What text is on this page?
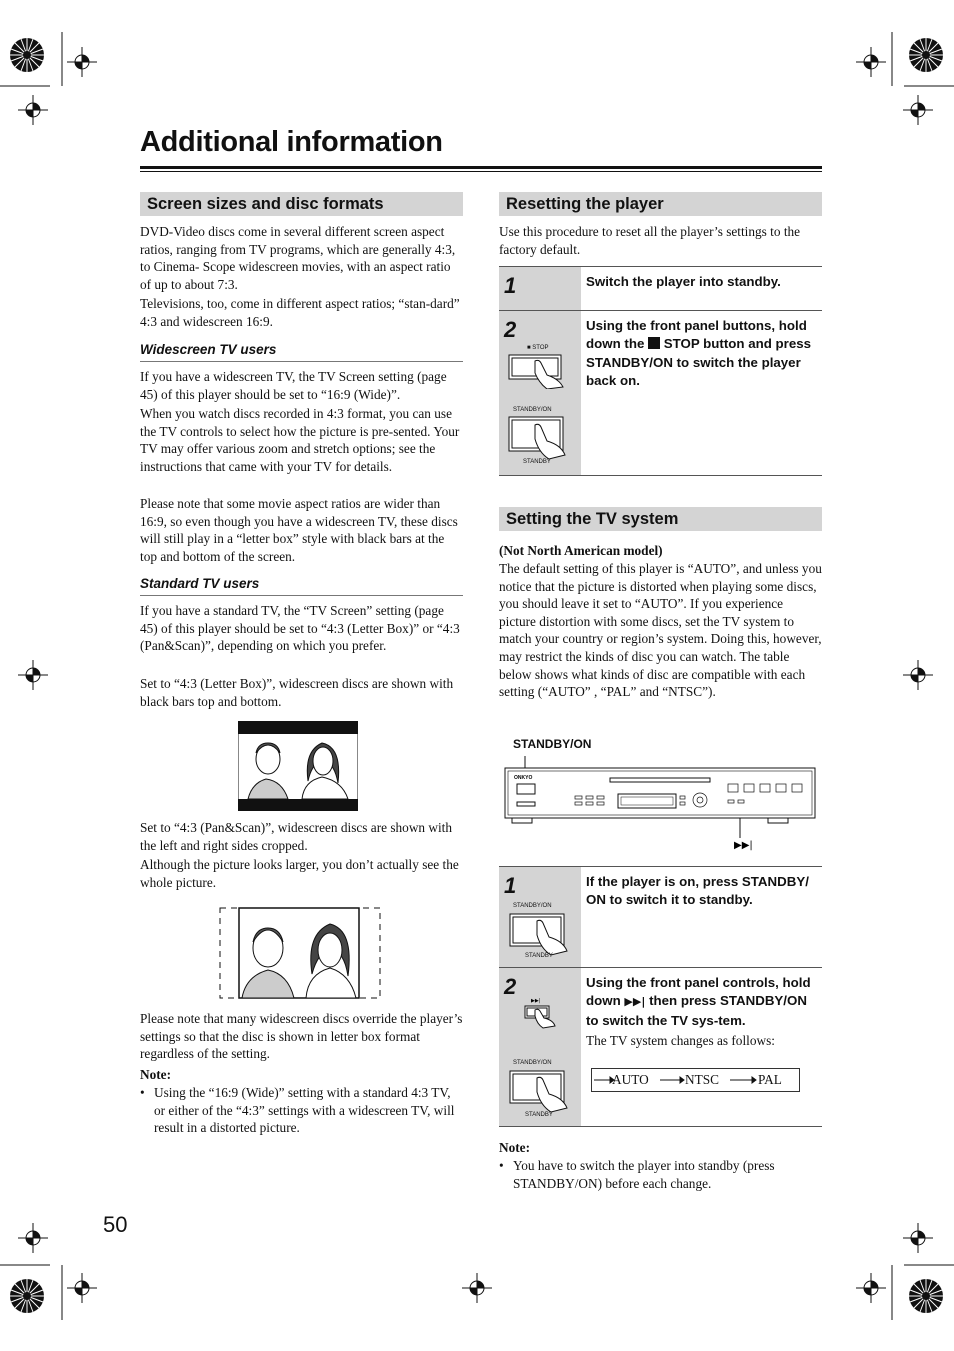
Additional information
Screen sizes and disc formats

DVD-Video discs come in several different screen aspect ratios, ranging from TV programs, which are generally 4:3, to Cinema- Scope widescreen movies, with an aspect ratio of up to about 7:3.

Televisions, too, come in different aspect ratios; “stan-dard” 4:3 and widescreen 16:9.

Widescreen TV users

If you have a widescreen TV, the TV Screen setting (page 45) of this player should be set to “16:9 (Wide)”.

When you watch discs recorded in 4:3 format, you can use the TV controls to select how the picture is pre-sented. Your TV may offer various zoom and stretch options; see the instructions that came with your TV for details.

Please note that some movie aspect ratios are wider than 16:9, so even though you have a widescreen TV, these discs will still play in a “letter box” style with black bars at the top and bottom of the screen.

Standard TV users

If you have a standard TV, the “TV Screen” setting (page 45) of this player should be set to “4:3 (Letter Box)” or “4:3 (Pan&Scan)”, depending on which you prefer.

Set to “4:3 (Letter Box)”, widescreen discs are shown with black bars top and bottom.

Set to “4:3 (Pan&Scan)”, widescreen discs are shown with the left and right sides cropped.

Although the picture looks larger, you don’t actually see the whole picture.

Please note that many widescreen discs override the player’s settings so that the disc is shown in letter box format regardless of the setting.

Note:
• Using the “16:9 (Wide)” setting with a standard 4:3 TV, or either of the “4:3” settings with a widescreen TV, will result in a distorted picture.

50
Resetting the player

Use this procedure to reset all the player’s settings to the factory default.

1	Switch the player into standby.
2
■ STOP
STANDBY/ON
STANDBY
Using the front panel buttons, hold down the STOP button and press STANDBY/ON to switch the player back on.
Setting the TV system
(Not North American model)

The default setting of this player is “AUTO”, and unless you notice that the picture is distorted when playing some discs, you should leave it set to “AUTO”. If you experience picture distortion with some discs, set the TV system to match your country or region’s system. Doing this, however, may restrict the kinds of disc you can watch. The table below shows what kinds of disc are compatible with each setting (“AUTO” , “PAL” and “NTSC”).

STANDBY/ON
ONKYO
▶▶|
1
STANDBY/ON
STANDBY
If the player is on, press STANDBY/ ON to switch it to standby.
2
▶▶|
STANDBY/ON
STANDBY
Using the front panel controls, hold down ▶▶| then press STANDBY/ON to switch the TV sys-tem.
The TV system changes as follows:
AUTO	NTSC	PAL
Note:
• You have to switch the player into standby (press STANDBY/ON) before each change.
